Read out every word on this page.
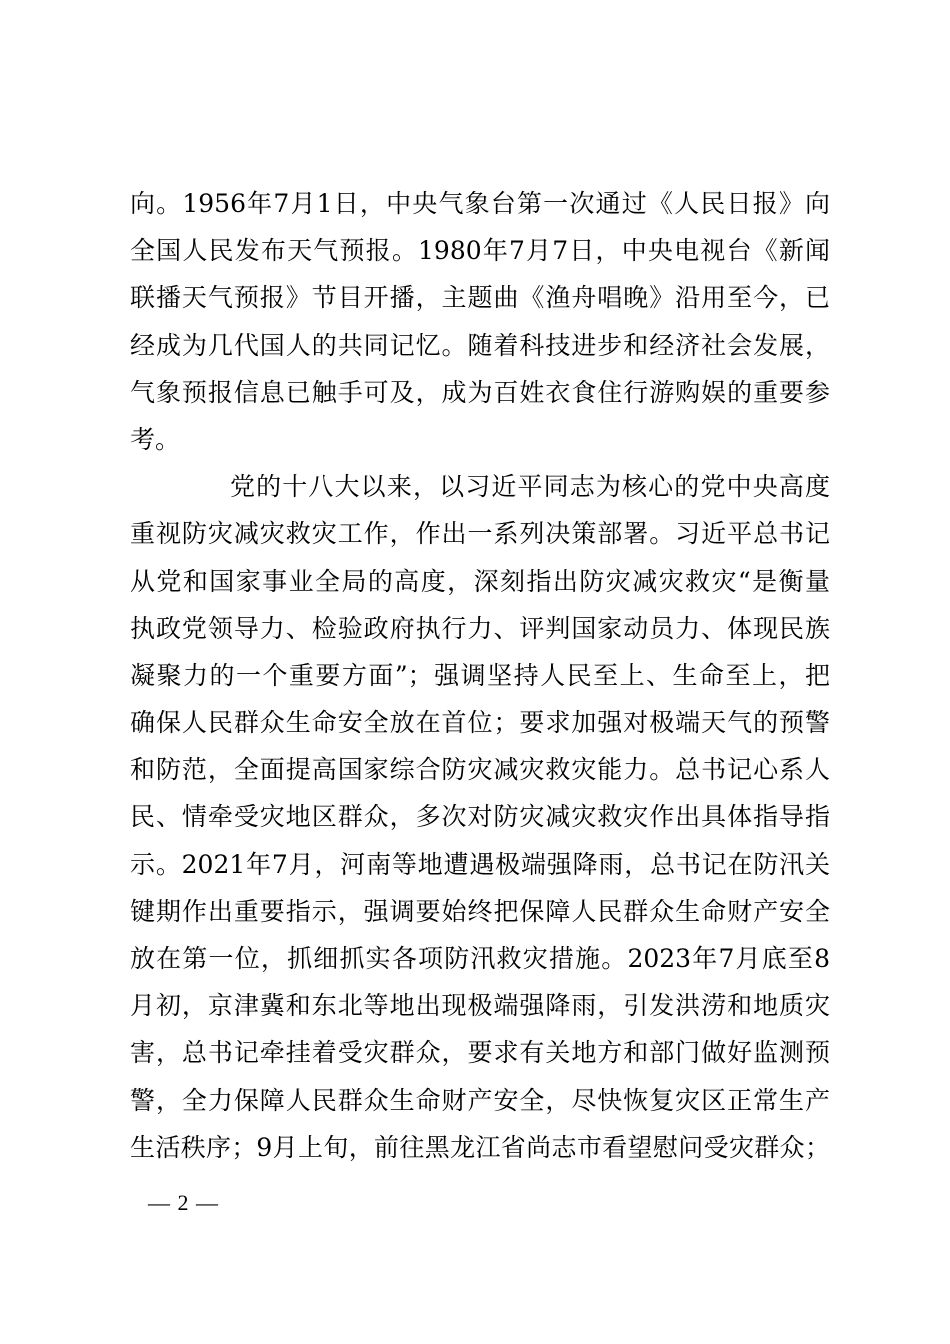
向。1956年7月1日，中央气象台第一次通过《人民日报》向
全国人民发布天气预报。1980年7月7日，中央电视台《新闻
联播天气预报》节目开播，主题曲《渔舟唱晚》沿用至今，已
经成为几代国人的共同记忆。随着科技进步和经济社会发展，
气象预报信息已触手可及，成为百姓衣食住行游购娱的重要参
考。
党的十八大以来，以习近平同志为核心的党中央高度
重视防灾减灾救灾工作，作出一系列决策部署。习近平总书记
从党和国家事业全局的高度，深刻指出防灾减灾救灾“是衡量
执政党领导力、检验政府执行力、评判国家动员力、体现民族
凝聚力的一个重要方面”；强调坚持人民至上、生命至上，把
确保人民群众生命安全放在首位；要求加强对极端天气的预警
和防范，全面提高国家综合防灾减灾救灾能力。总书记心系人
民、情牵受灾地区群众，多次对防灾减灾救灾作出具体指导指
示。2021年7月，河南等地遭遇极端强降雨，总书记在防汛关
键期作出重要指示，强调要始终把保障人民群众生命财产安全
放在第一位，抓细抓实各项防汛救灾措施。2023年7月底至8
月初，京津冀和东北等地出现极端强降雨，引发洪涝和地质灾
害，总书记牵挂着受灾群众，要求有关地方和部门做好监测预
警，全力保障人民群众生命财产安全，尽快恢复灾区正常生产
生活秩序；9月上旬，前往黑龙江省尚志市看望慰问受灾群众；
— 2 —
